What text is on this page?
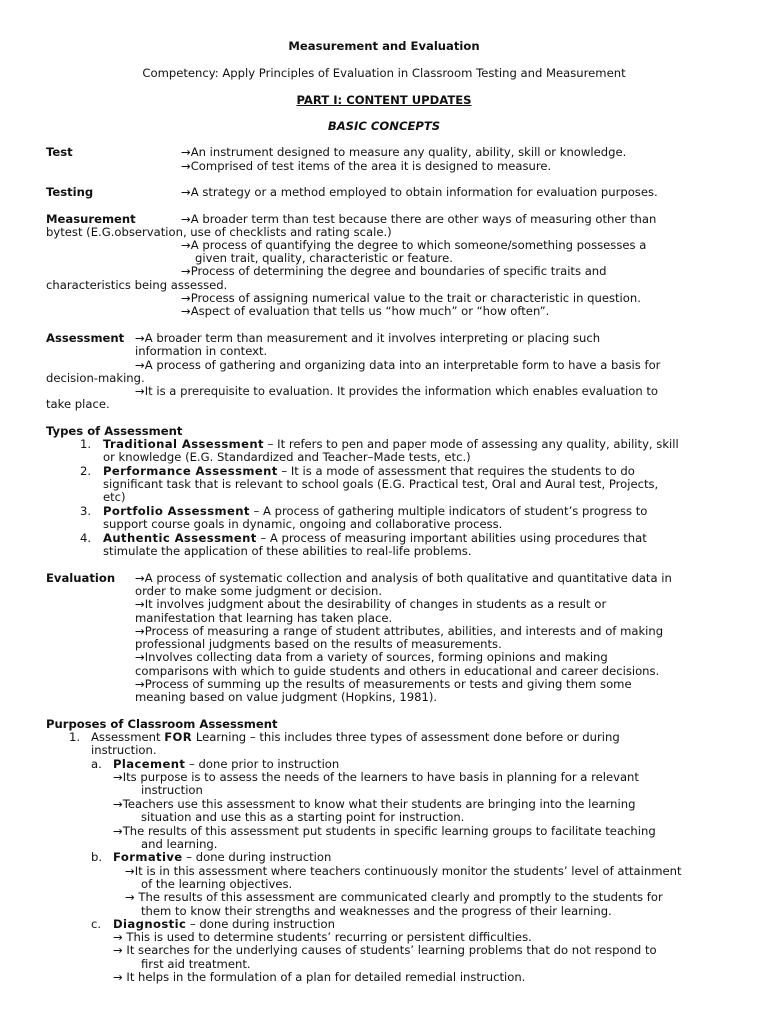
Measurement and Evaluation
Competency: Apply Principles of Evaluation in Classroom Testing and Measurement
PART I: CONTENT UPDATES
BASIC CONCEPTS
Test	→An instrument designed to measure any quality, ability, skill or knowledge.
→Comprised of test items of the area it is designed to measure.
Testing	→A strategy or a method employed to obtain information for evaluation purposes.
Measurement	→A broader term than test because there are other ways of measuring other than
bytest (E.G.observation, use of checklists and rating scale.)
→A process of quantifying the degree to which someone/something possesses a
given trait, quality, characteristic or feature.
→Process of determining the degree and boundaries of specific traits and
characteristics being assessed.
→Process of assigning numerical value to the trait or characteristic in question.
→Aspect of evaluation that tells us “how much” or “how often”.
Assessment →A broader term than measurement and it involves interpreting or placing such
information in context.
→A process of gathering and organizing data into an interpretable form to have a basis for
decision-making.
→It is a prerequisite to evaluation. It provides the information which enables evaluation to
take place.
Types of Assessment
1. Traditional Assessment – It refers to pen and paper mode of assessing any quality, ability, skill
or knowledge (E.G. Standardized and Teacher–Made tests, etc.)
2. Performance Assessment – It is a mode of assessment that requires the students to do
significant task that is relevant to school goals (E.G. Practical test, Oral and Aural test, Projects,
etc)
3. Portfolio Assessment – A process of gathering multiple indicators of student’s progress to
support course goals in dynamic, ongoing and collaborative process.
4. Authentic Assessment – A process of measuring important abilities using procedures that
stimulate the application of these abilities to real-life problems.
Evaluation →A process of systematic collection and analysis of both qualitative and quantitative data in
order to make some judgment or decision.
→It involves judgment about the desirability of changes in students as a result or
manifestation that learning has taken place.
→Process of measuring a range of student attributes, abilities, and interests and of making
professional judgments based on the results of measurements.
→Involves collecting data from a variety of sources, forming opinions and making
comparisons with which to guide students and others in educational and career decisions.
→Process of summing up the results of measurements or tests and giving them some
meaning based on value judgment (Hopkins, 1981).
Purposes of Classroom Assessment
1. Assessment FOR Learning – this includes three types of assessment done before or during
instruction.
a. Placement – done prior to instruction
→Its purpose is to assess the needs of the learners to have basis in planning for a relevant
instruction
→Teachers use this assessment to know what their students are bringing into the learning
situation and use this as a starting point for instruction.
→The results of this assessment put students in specific learning groups to facilitate teaching
and learning.
b. Formative – done during instruction
→It is in this assessment where teachers continuously monitor the students’ level of attainment
of the learning objectives.
→ The results of this assessment are communicated clearly and promptly to the students for
them to know their strengths and weaknesses and the progress of their learning.
c. Diagnostic – done during instruction
→ This is used to determine students’ recurring or persistent difficulties.
→ It searches for the underlying causes of students’ learning problems that do not respond to
first aid treatment.
→ It helps in the formulation of a plan for detailed remedial instruction.
